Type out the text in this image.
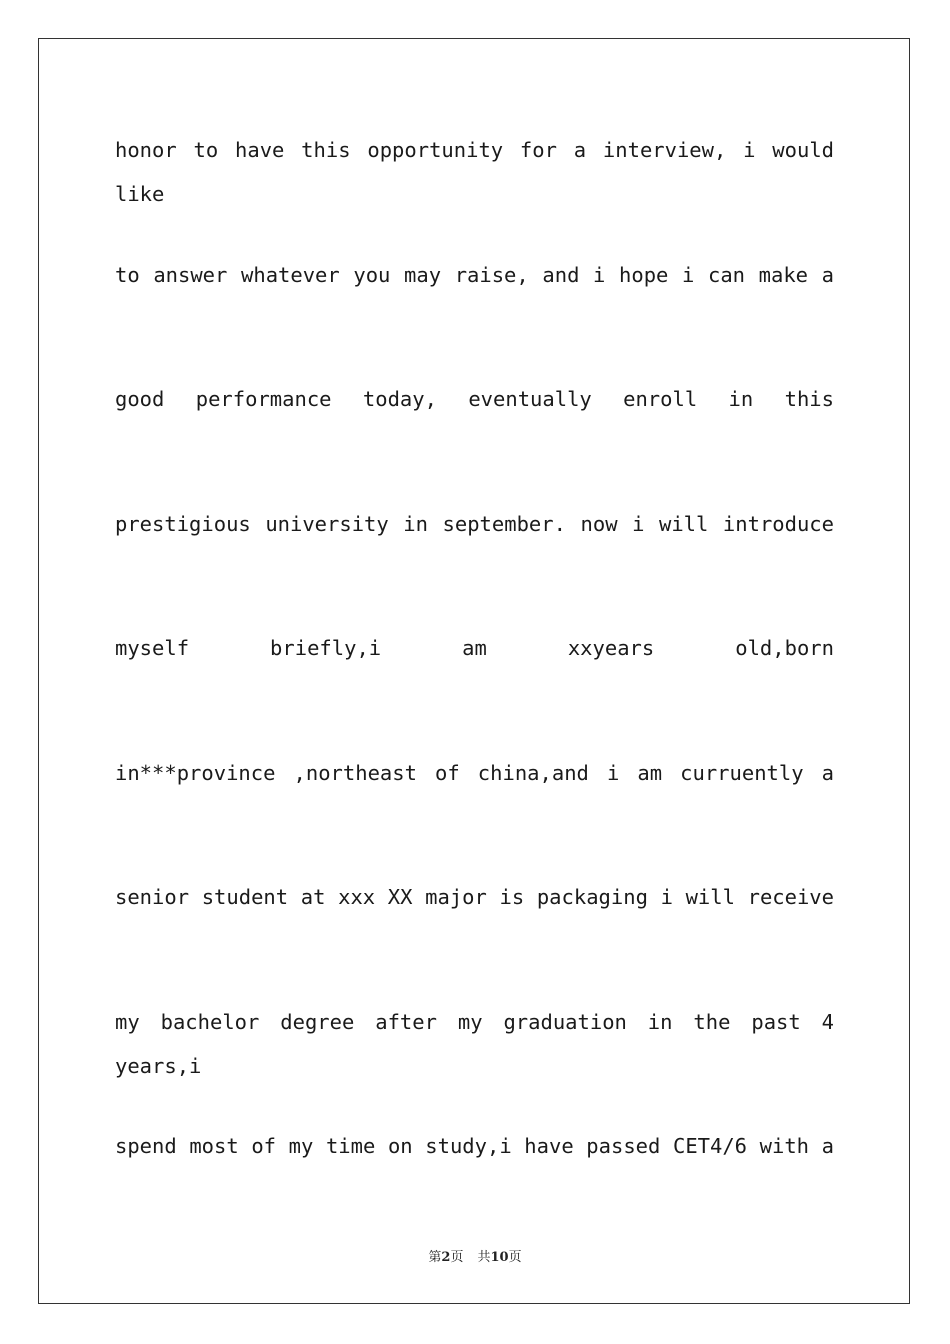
honor to have this opportunity for a interview, i would like
to answer whatever you may raise, and i hope i can make a
good performance today, eventually enroll in this
prestigious university in september. now i will introduce
myself briefly,i am xxyears old,born
in***province ,northeast of china,and i am curruently a
senior student at xxx XX major is packaging i will receive
my bachelor degree after my graduation in the past 4 years,i
spend most of my time on study,i have passed CET4/6 with a
第2页 共10页
